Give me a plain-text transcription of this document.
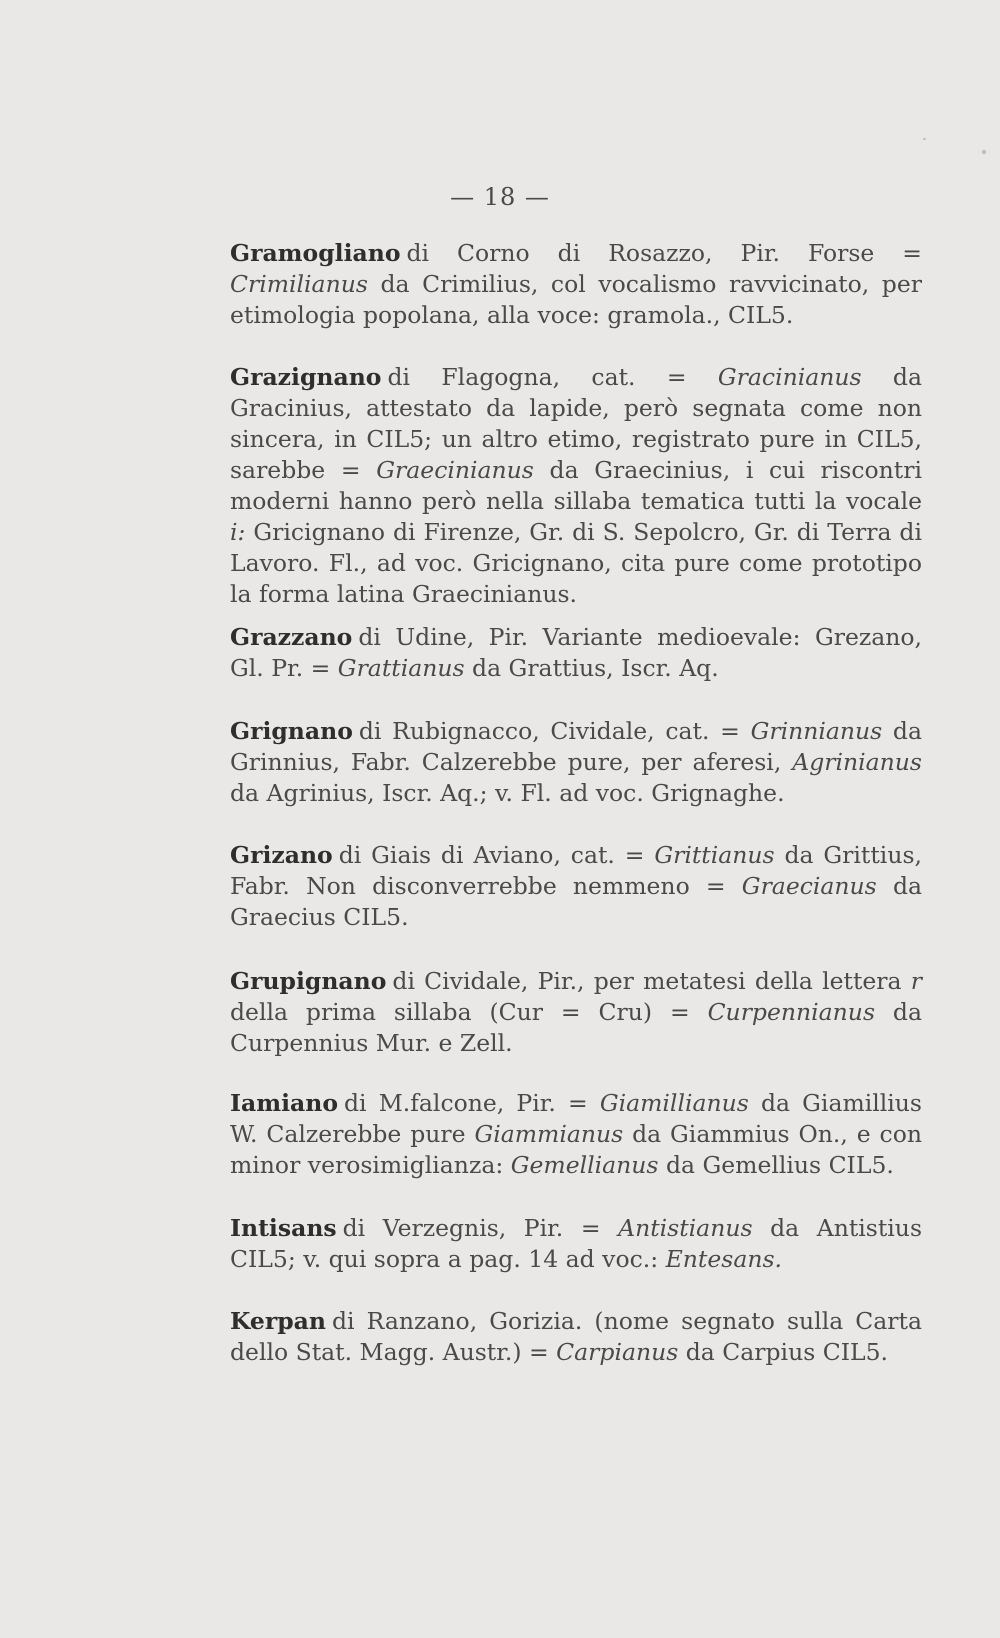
— 18 —

Gramogliano di Corno di Rosazzo, Pir. Forse = Crimilianus da Crimilius, col vocalismo ravvicinato, per etimologia popolana, alla voce: gramola., CIL5.

Grazignano di Flagogna, cat. = Gracinianus da Gracinius, attestato da lapide, però segnata come non sincera, in CIL5; un altro etimo, registrato pure in CIL5, sarebbe = Graecinianus da Graecinius, i cui riscontri moderni hanno però nella sillaba tematica tutti la vocale i: Gricignano di Firenze, Gr. di S. Sepolcro, Gr. di Terra di Lavoro. Fl., ad voc. Gricignano, cita pure come prototipo la forma latina Graecinianus.

Grazzano di Udine, Pir. Variante medioevale: Grezano, Gl. Pr. = Grattianus da Grattius, Iscr. Aq.

Grignano di Rubignacco, Cividale, cat. = Grinnianus da Grinnius, Fabr. Calzerebbe pure, per aferesi, Agrinianus da Agrinius, Iscr. Aq.; v. Fl. ad voc. Grignaghe.

Grizano di Giais di Aviano, cat. = Grittianus da Grittius, Fabr. Non disconverrebbe nemmeno = Graecianus da Graecius CIL5.

Grupignano di Cividale, Pir., per metatesi della lettera r della prima sillaba (Cur = Cru) = Curpennianus da Curpennius Mur. e Zell.

Iamiano di M.falcone, Pir. = Giamillianus da Giamillius W. Calzerebbe pure Giammianus da Giammius On., e con minor verosimiglianza: Gemellianus da Gemellius CIL5.

Intisans di Verzegnis, Pir. = Antistianus da Antistius CIL5; v. qui sopra a pag. 14 ad voc.: Entesans.

Kerpan di Ranzano, Gorizia. (nome segnato sulla Carta dello Stat. Magg. Austr.) = Carpianus da Carpius CIL5.
